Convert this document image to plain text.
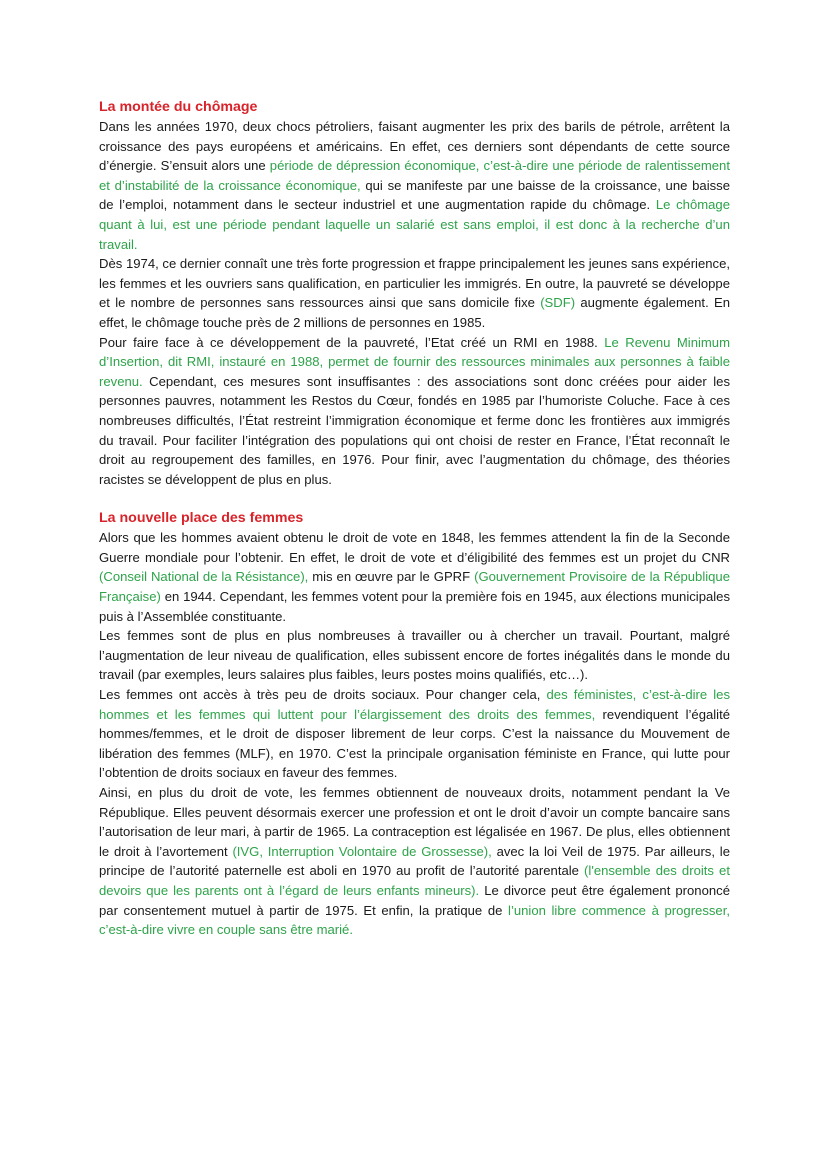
La montée du chômage

Dans les années 1970, deux chocs pétroliers, faisant augmenter les prix des barils de pétrole, arrêtent la croissance des pays européens et américains. En effet, ces derniers sont dépendants de cette source d’énergie. S’ensuit alors une période de dépression économique, c’est-à-dire une période de ralentissement et d’instabilité de la croissance économique, qui se manifeste par une baisse de la croissance, une baisse de l’emploi, notamment dans le secteur industriel et une augmentation rapide du chômage. Le chômage quant à lui, est une période pendant laquelle un salarié est sans emploi, il est donc à la recherche d’un travail.

Dès 1974, ce dernier connaît une très forte progression et frappe principalement les jeunes sans expérience, les femmes et les ouvriers sans qualification, en particulier les immigrés. En outre, la pauvreté se développe et le nombre de personnes sans ressources ainsi que sans domicile fixe (SDF) augmente également. En effet, le chômage touche près de 2 millions de personnes en 1985.

Pour faire face à ce développement de la pauvreté, l’Etat créé un RMI en 1988. Le Revenu Minimum d’Insertion, dit RMI, instauré en 1988, permet de fournir des ressources minimales aux personnes à faible revenu. Cependant, ces mesures sont insuffisantes : des associations sont donc créées pour aider les personnes pauvres, notamment les Restos du Cœur, fondés en 1985 par l’humoriste Coluche. Face à ces nombreuses difficultés, l’État restreint l’immigration économique et ferme donc les frontières aux immigrés du travail. Pour faciliter l’intégration des populations qui ont choisi de rester en France, l’État reconnaît le droit au regroupement des familles, en 1976. Pour finir, avec l’augmentation du chômage, des théories racistes se développent de plus en plus.

La nouvelle place des femmes

Alors que les hommes avaient obtenu le droit de vote en 1848, les femmes attendent la fin de la Seconde Guerre mondiale pour l’obtenir. En effet, le droit de vote et d’éligibilité des femmes est un projet du CNR (Conseil National de la Résistance), mis en œuvre par le GPRF (Gouvernement Provisoire de la République Française) en 1944. Cependant, les femmes votent pour la première fois en 1945, aux élections municipales puis à l’Assemblée constituante.

Les femmes sont de plus en plus nombreuses à travailler ou à chercher un travail. Pourtant, malgré l’augmentation de leur niveau de qualification, elles subissent encore de fortes inégalités dans le monde du travail (par exemples, leurs salaires plus faibles, leurs postes moins qualifiés, etc…).

Les femmes ont accès à très peu de droits sociaux. Pour changer cela, des féministes, c’est-à-dire les hommes et les femmes qui luttent pour l’élargissement des droits des femmes, revendiquent l’égalité hommes/femmes, et le droit de disposer librement de leur corps. C’est la naissance du Mouvement de libération des femmes (MLF), en 1970. C’est la principale organisation féministe en France, qui lutte pour l’obtention de droits sociaux en faveur des femmes.

Ainsi, en plus du droit de vote, les femmes obtiennent de nouveaux droits, notamment pendant la Ve République. Elles peuvent désormais exercer une profession et ont le droit d’avoir un compte bancaire sans l’autorisation de leur mari, à partir de 1965. La contraception est légalisée en 1967. De plus, elles obtiennent le droit à l’avortement (IVG, Interruption Volontaire de Grossesse), avec la loi Veil de 1975. Par ailleurs, le principe de l’autorité paternelle est aboli en 1970 au profit de l’autorité parentale (l'ensemble des droits et devoirs que les parents ont à l’égard de leurs enfants mineurs). Le divorce peut être également prononcé par consentement mutuel à partir de 1975. Et enfin, la pratique de l’union libre commence à progresser, c’est-à-dire vivre en couple sans être marié.
